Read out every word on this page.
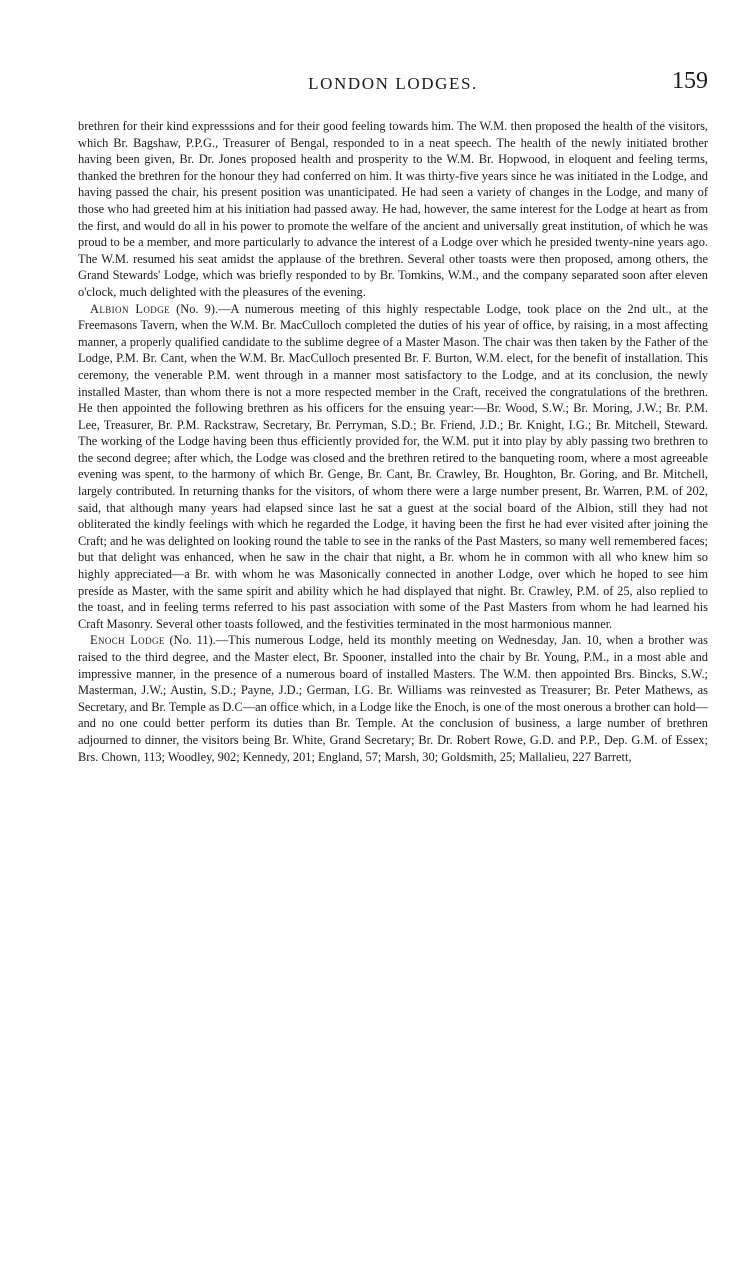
LONDON LODGES.	159

brethren for their kind expresssions and for their good feeling towards him. The W.M. then proposed the health of the visitors, which Br. Bagshaw, P.P.G., Treasurer of Bengal, responded to in a neat speech. The health of the newly initiated brother having been given, Br. Dr. Jones proposed health and prosperity to the W.M. Br. Hopwood, in eloquent and feeling terms, thanked the brethren for the honour they had conferred on him. It was thirty-five years since he was initiated in the Lodge, and having passed the chair, his present position was unanticipated. He had seen a variety of changes in the Lodge, and many of those who had greeted him at his initiation had passed away. He had, however, the same interest for the Lodge at heart as from the first, and would do all in his power to promote the welfare of the ancient and universally great institution, of which he was proud to be a member, and more particularly to advance the interest of a Lodge over which he presided twenty-nine years ago. The W.M. resumed his seat amidst the applause of the brethren. Several other toasts were then proposed, among others, the Grand Stewards' Lodge, which was briefly responded to by Br. Tomkins, W.M., and the company separated soon after eleven o'clock, much delighted with the pleasures of the evening.

Albion Lodge (No. 9).—A numerous meeting of this highly respectable Lodge, took place on the 2nd ult., at the Freemasons Tavern, when the W.M. Br. MacCulloch completed the duties of his year of office, by raising, in a most affecting manner, a properly qualified candidate to the sublime degree of a Master Mason. The chair was then taken by the Father of the Lodge, P.M. Br. Cant, when the W.M. Br. MacCulloch presented Br. F. Burton, W.M. elect, for the benefit of installation. This ceremony, the venerable P.M. went through in a manner most satisfactory to the Lodge, and at its conclusion, the newly installed Master, than whom there is not a more respected member in the Craft, received the congratulations of the brethren. He then appointed the following brethren as his officers for the ensuing year:—Br. Wood, S.W.; Br. Moring, J.W.; Br. P.M. Lee, Treasurer, Br. P.M. Rackstraw, Secretary, Br. Perryman, S.D.; Br. Friend, J.D.; Br. Knight, I.G.; Br. Mitchell, Steward. The working of the Lodge having been thus efficiently provided for, the W.M. put it into play by ably passing two brethren to the second degree; after which, the Lodge was closed and the brethren retired to the banqueting room, where a most agreeable evening was spent, to the harmony of which Br. Genge, Br. Cant, Br. Crawley, Br. Houghton, Br. Goring, and Br. Mitchell, largely contributed. In returning thanks for the visitors, of whom there were a large number present, Br. Warren, P.M. of 202, said, that although many years had elapsed since last he sat a guest at the social board of the Albion, still they had not obliterated the kindly feelings with which he regarded the Lodge, it having been the first he had ever visited after joining the Craft; and he was delighted on looking round the table to see in the ranks of the Past Masters, so many well remembered faces; but that delight was enhanced, when he saw in the chair that night, a Br. whom he in common with all who knew him so highly appreciated—a Br. with whom he was Masonically connected in another Lodge, over which he hoped to see him preside as Master, with the same spirit and ability which he had displayed that night. Br. Crawley, P.M. of 25, also replied to the toast, and in feeling terms referred to his past association with some of the Past Masters from whom he had learned his Craft Masonry. Several other toasts followed, and the festivities terminated in the most harmonious manner.

Enoch Lodge (No. 11).—This numerous Lodge, held its monthly meeting on Wednesday, Jan. 10, when a brother was raised to the third degree, and the Master elect, Br. Spooner, installed into the chair by Br. Young, P.M., in a most able and impressive manner, in the presence of a numerous board of installed Masters. The W.M. then appointed Brs. Bincks, S.W.; Masterman, J.W.; Austin, S.D.; Payne, J.D.; German, I.G. Br. Williams was reinvested as Treasurer; Br. Peter Mathews, as Secretary, and Br. Temple as D.C—an office which, in a Lodge like the Enoch, is one of the most onerous a brother can hold—and no one could better perform its duties than Br. Temple. At the conclusion of business, a large number of brethren adjourned to dinner, the visitors being Br. White, Grand Secretary; Br. Dr. Robert Rowe, G.D. and P.P., Dep. G.M. of Essex; Brs. Chown, 113; Woodley, 902; Kennedy, 201; England, 57; Marsh, 30; Goldsmith, 25; Mallalieu, 227 Barrett,
